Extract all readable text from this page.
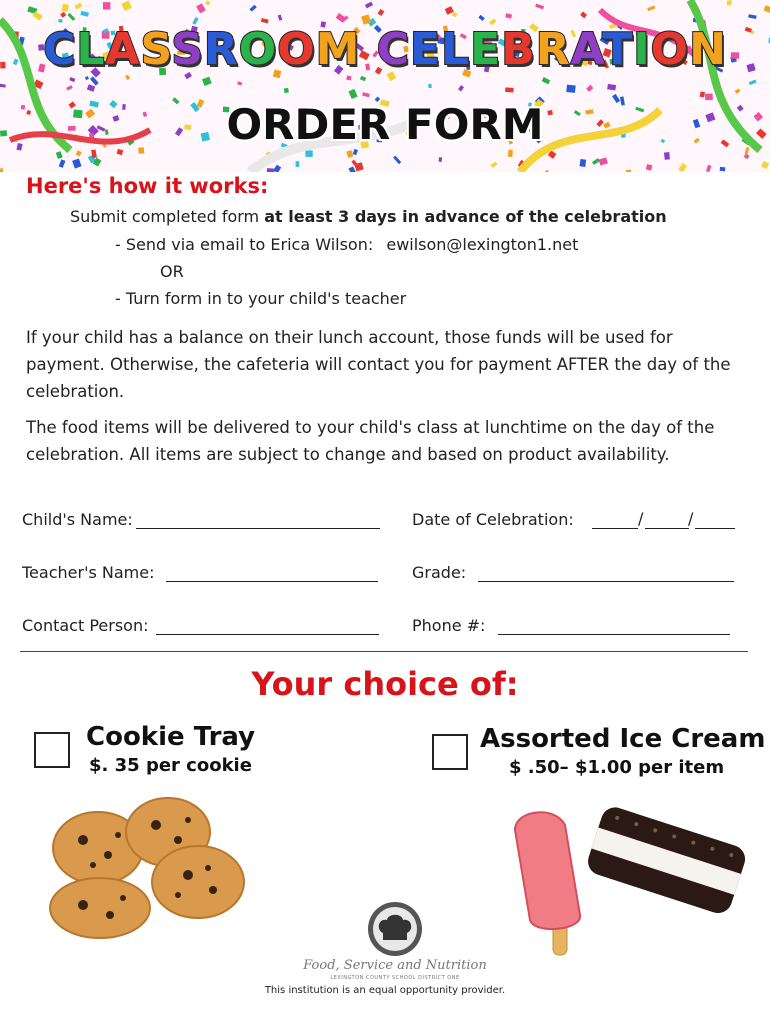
CLASSROOM CELEBRATION
ORDER FORM
Here's how it works:
Submit completed form at least 3 days in advance of the celebration
- Send via email to Erica Wilson: ewilson@lexington1.net
OR
- Turn form in to your child's teacher
If your child has a balance on their lunch account, those funds will be used for payment. Otherwise, the cafeteria will contact you for payment AFTER the day of the celebration.
The food items will be delivered to your child's class at lunchtime on the day of the celebration. All items are subject to change and based on product availability.
Child's Name:	Date of Celebration:	/	/
Teacher's Name:	Grade:
Contact Person:	Phone #:
Your choice of:
Cookie Tray
$. 35 per cookie
Assorted Ice Cream
$ .50– $1.00 per item
Food, Service and Nutrition
LEXINGTON COUNTY SCHOOL DISTRICT ONE
This institution is an equal opportunity provider.
